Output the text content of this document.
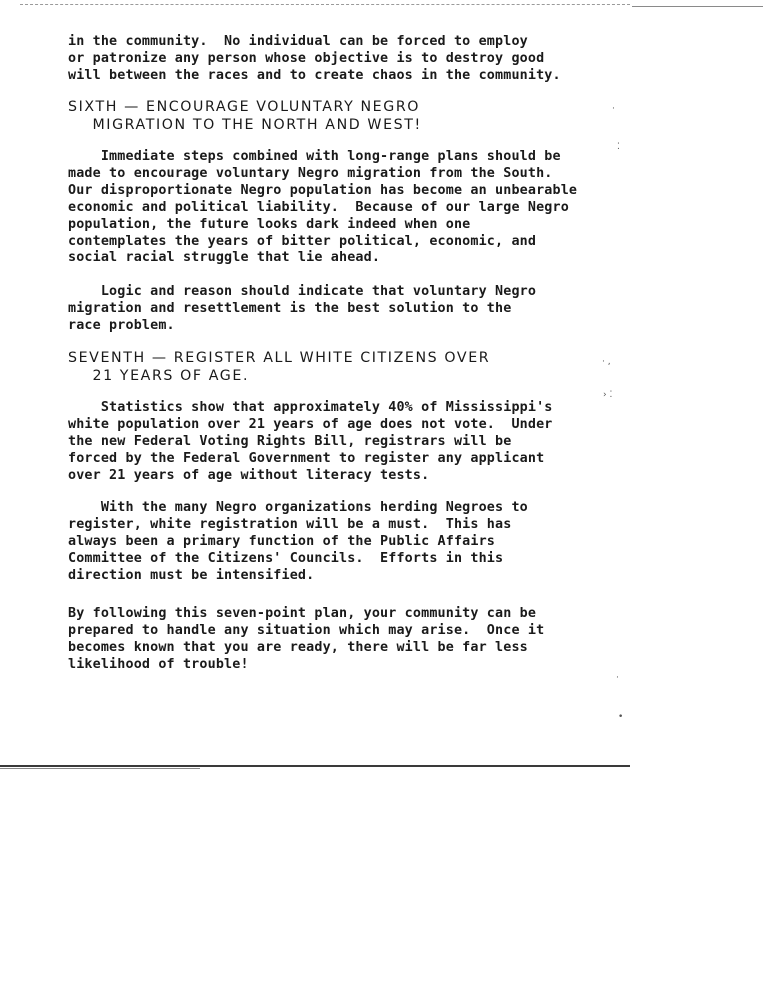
in the community.  No individual can be forced to employ
or patronize any person whose objective is to destroy good
will between the races and to create chaos in the community.
SIXTH — ENCOURAGE VOLUNTARY NEGRO
MIGRATION TO THE NORTH AND WEST!
Immediate steps combined with long-range plans should be
made to encourage voluntary Negro migration from the South.
Our disproportionate Negro population has become an unbearable
economic and political liability.  Because of our large Negro
population, the future looks dark indeed when one
contemplates the years of bitter political, economic, and
social racial struggle that lie ahead.
Logic and reason should indicate that voluntary Negro
migration and resettlement is the best solution to the
race problem.
SEVENTH — REGISTER ALL WHITE CITIZENS OVER
21 YEARS OF AGE.
Statistics show that approximately 40% of Mississippi's
white population over 21 years of age does not vote.  Under
the new Federal Voting Rights Bill, registrars will be
forced by the Federal Government to register any applicant
over 21 years of age without literacy tests.
With the many Negro organizations herding Negroes to
register, white registration will be a must.  This has
always been a primary function of the Public Affairs
Committee of the Citizens' Councils.  Efforts in this
direction must be intensified.
By following this seven-point plan, your community can be
prepared to handle any situation which may arise.  Once it
becomes known that you are ready, there will be far less
likelihood of trouble!
·
⁚
· ,
› ⁚
·
•
